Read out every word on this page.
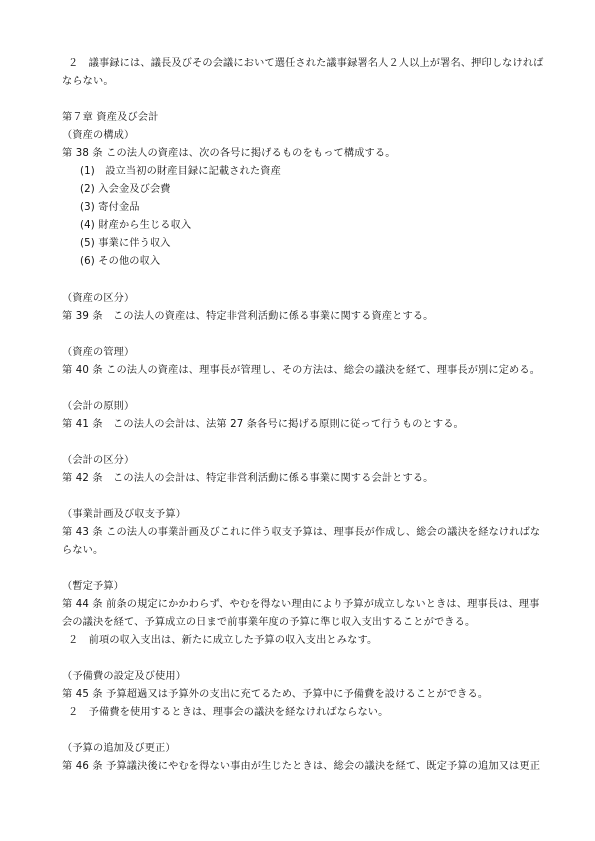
２　議事録には、議長及びその会議において選任された議事録署名人２人以上が署名、押印しなければ
ならない。
第７章 資産及び会計
（資産の構成）
第 38 条 この法人の資産は、次の各号に掲げるものをもって構成する。
(1)　設立当初の財産目録に記載された資産
(2) 入会金及び会費
(3) 寄付金品
(4) 財産から生じる収入
(5) 事業に伴う収入
(6) その他の収入
（資産の区分）
第 39 条　この法人の資産は、特定非営利活動に係る事業に関する資産とする。
（資産の管理）
第 40 条 この法人の資産は、理事長が管理し、その方法は、総会の議決を経て、理事長が別に定める。
（会計の原則）
第 41 条　この法人の会計は、法第 27 条各号に掲げる原則に従って行うものとする。
（会計の区分）
第 42 条　この法人の会計は、特定非営利活動に係る事業に関する会計とする。
（事業計画及び収支予算）
第 43 条 この法人の事業計画及びこれに伴う収支予算は、理事長が作成し、総会の議決を経なければな
らない。
（暫定予算）
第 44 条 前条の規定にかかわらず、やむを得ない理由により予算が成立しないときは、理事長は、理事
会の議決を経て、予算成立の日まで前事業年度の予算に準じ収入支出することができる。
２　前項の収入支出は、新たに成立した予算の収入支出とみなす。
（予備費の設定及び使用）
第 45 条 予算超過又は予算外の支出に充てるため、予算中に予備費を設けることができる。
２　予備費を使用するときは、理事会の議決を経なければならない。
（予算の追加及び更正）
第 46 条 予算議決後にやむを得ない事由が生じたときは、総会の議決を経て、既定予算の追加又は更正
